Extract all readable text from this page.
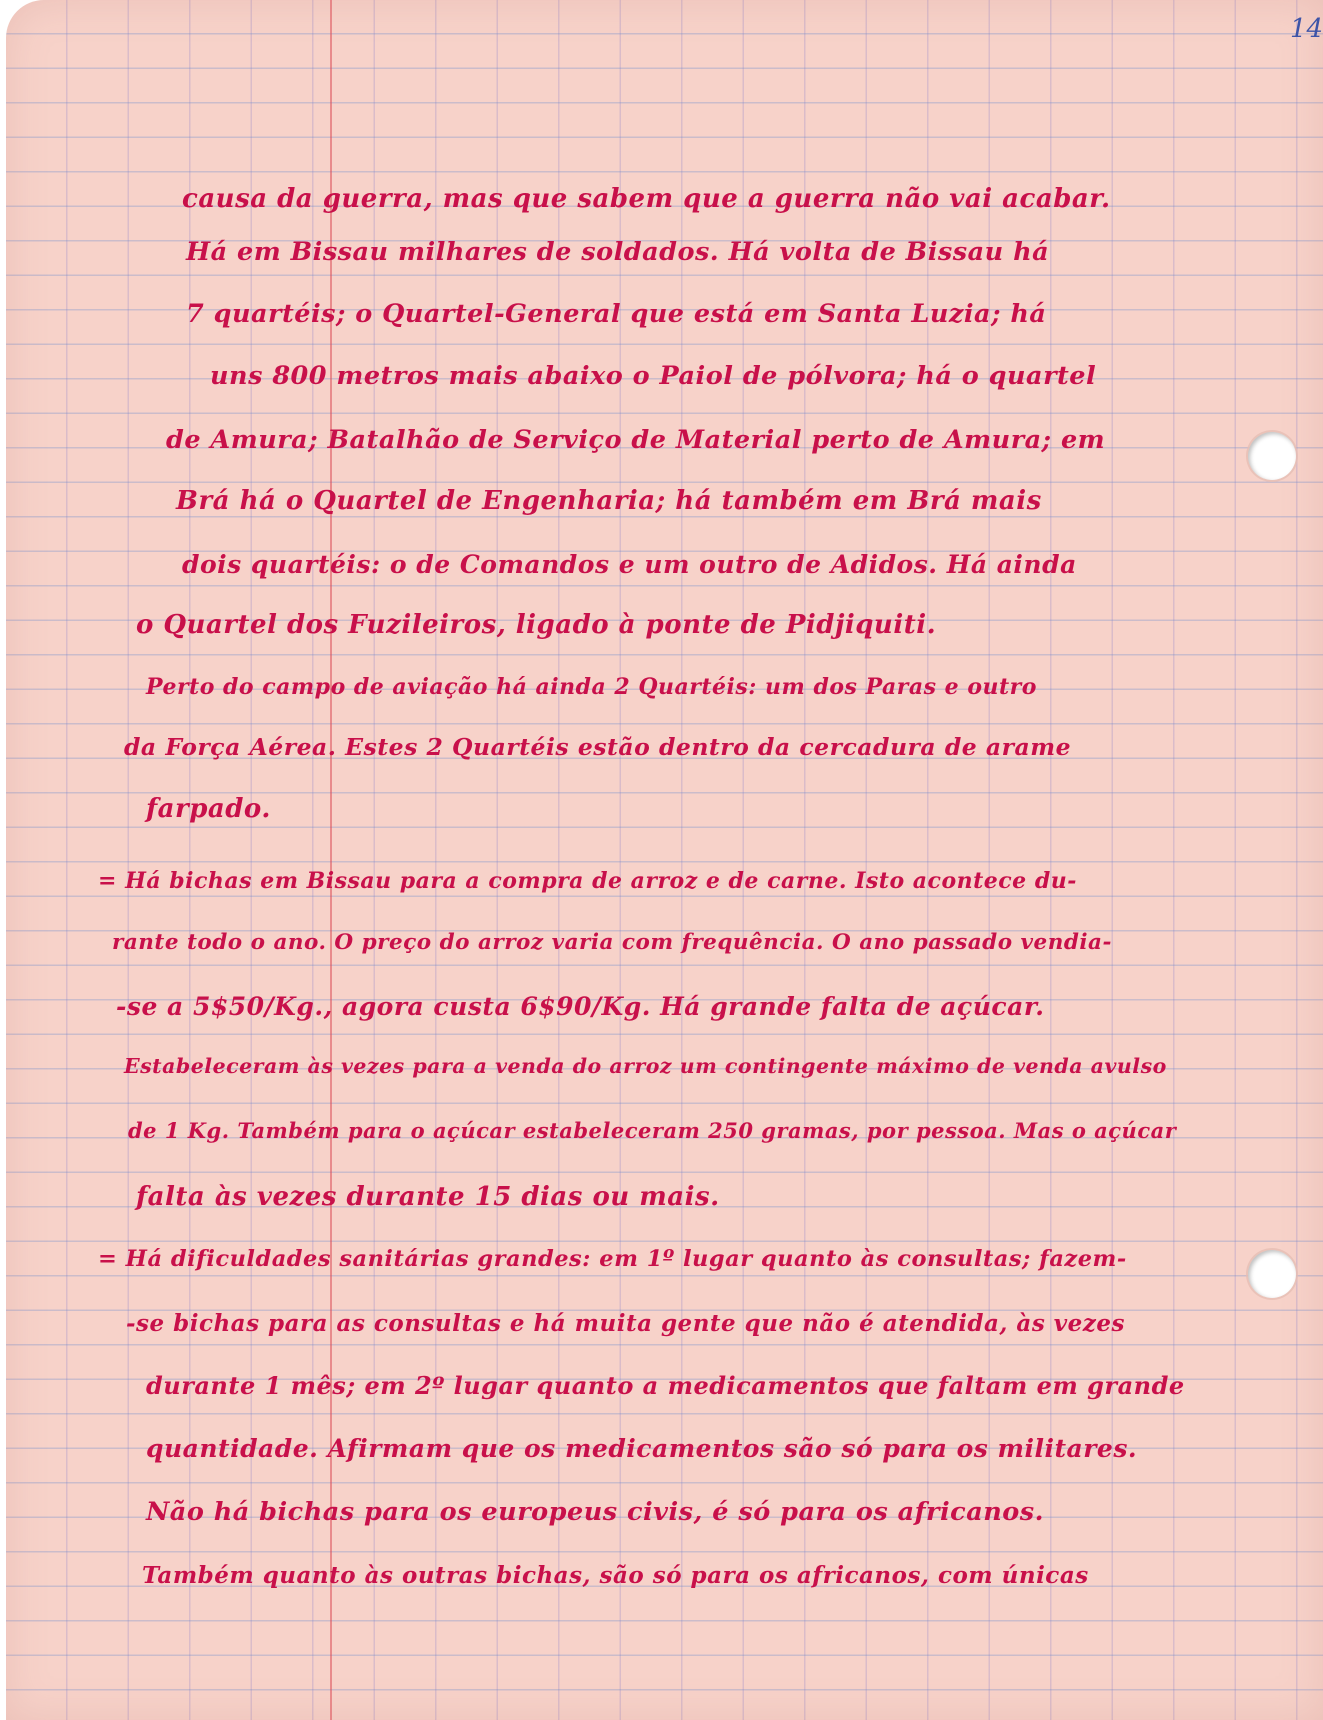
14
causa da guerra, mas que sabem que a guerra não vai acabar.
Há em Bissau milhares de soldados. Há volta de Bissau há
7 quartéis; o Quartel-General que está em Santa Luzia; há
uns 800 metros mais abaixo o Paiol de pólvora; há o quartel
de Amura; Batalhão de Serviço de Material perto de Amura; em
Brá há o Quartel de Engenharia; há também em Brá mais
dois quartéis: o de Comandos e um outro de Adidos. Há ainda
o Quartel dos Fuzileiros, ligado à ponte de Pidjiquiti.
Perto do campo de aviação há ainda 2 Quartéis: um dos Paras e outro
da Força Aérea. Estes 2 Quartéis estão dentro da cercadura de arame
farpado.
= Há bichas em Bissau para a compra de arroz e de carne. Isto acontece du-
rante todo o ano. O preço do arroz varia com frequência. O ano passado vendia-
-se a 5$50/Kg., agora custa 6$90/Kg. Há grande falta de açúcar.
Estabeleceram às vezes para a venda do arroz um contingente máximo de venda avulso
de 1 Kg. Também para o açúcar estabeleceram 250 gramas, por pessoa. Mas o açúcar
falta às vezes durante 15 dias ou mais.
= Há dificuldades sanitárias grandes: em 1º lugar quanto às consultas; fazem-
-se bichas para as consultas e há muita gente que não é atendida, às vezes
durante 1 mês; em 2º lugar quanto a medicamentos que faltam em grande
quantidade. Afirmam que os medicamentos são só para os militares.
Não há bichas para os europeus civis, é só para os africanos.
Também quanto às outras bichas, são só para os africanos, com únicas
